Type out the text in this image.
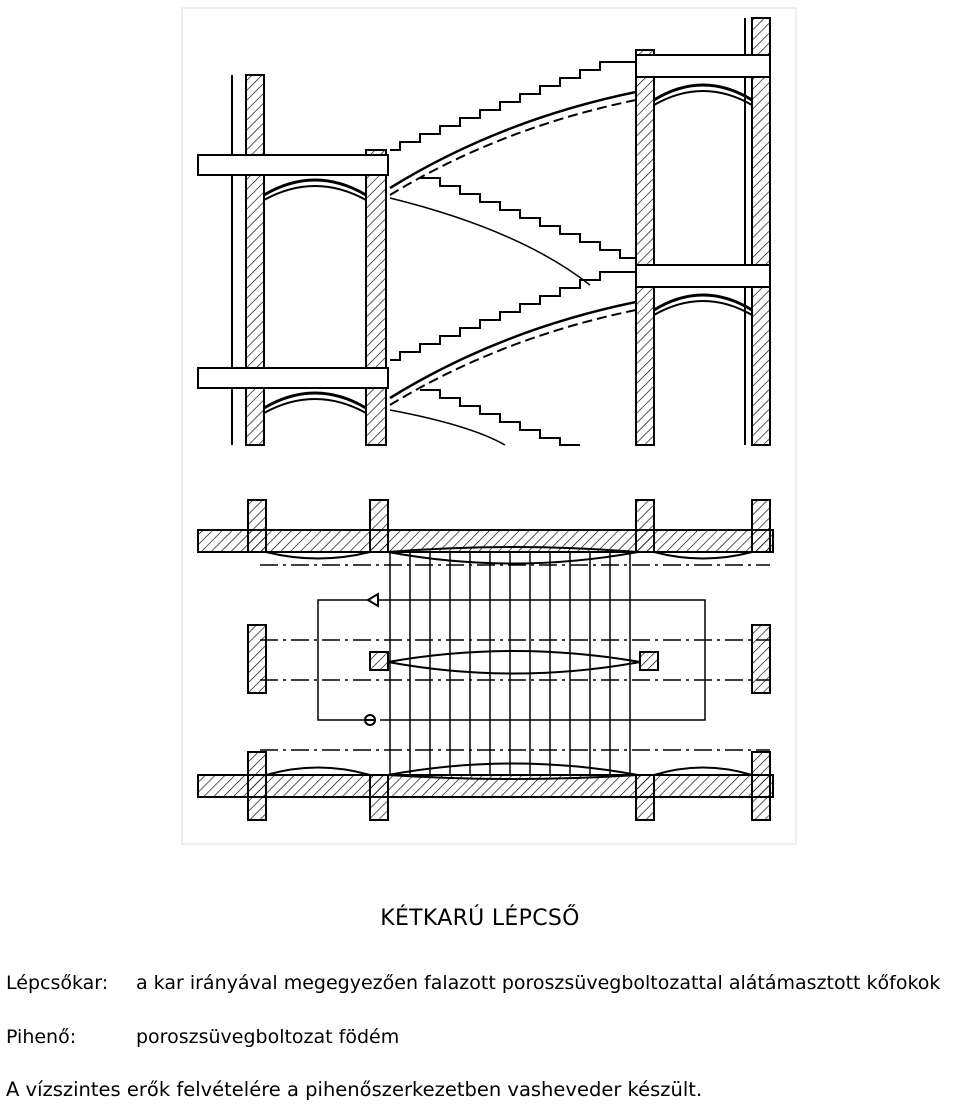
KÉTKARÚ LÉPCSŐ
Lépcsőkar: a kar irányával megegyezően falazott poroszsüvegboltozattal alátámasztott kőfokok
Pihenő:	poroszsüvegboltozat födém
A vízszintes erők felvételére a pihenőszerkezetben vasheveder készült.
